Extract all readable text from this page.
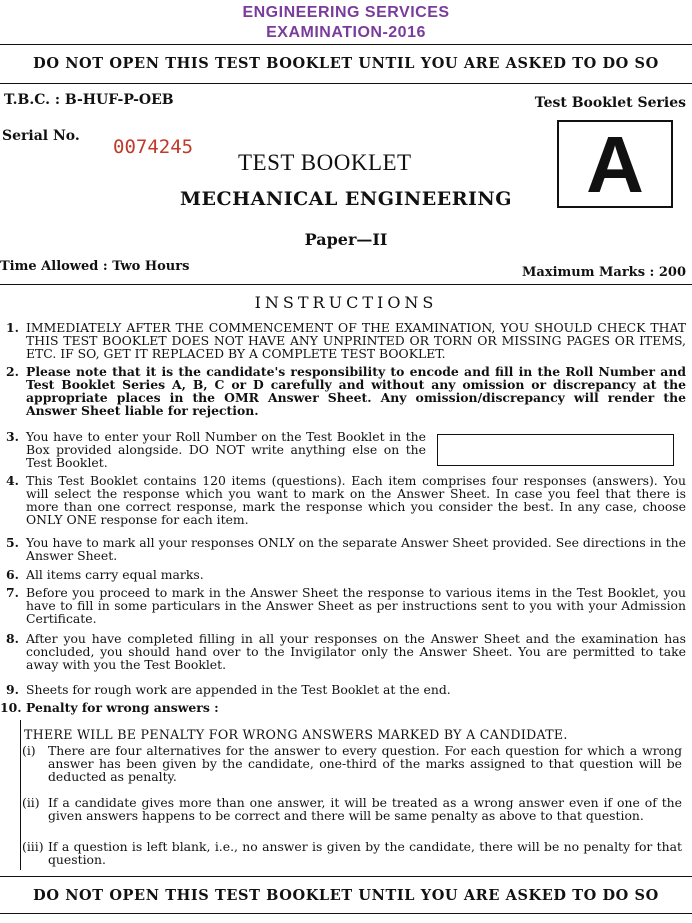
ENGINEERING SERVICES
EXAMINATION-2016
DO NOT OPEN THIS TEST BOOKLET UNTIL YOU ARE ASKED TO DO SO
T.B.C. : B-HUF-P-OEB	Test Booklet Series
Serial No. 0074245
TEST BOOKLET	A
MECHANICAL ENGINEERING
Paper—II
Time Allowed : Two Hours	Maximum Marks : 200
INSTRUCTIONS
1. IMMEDIATELY AFTER THE COMMENCEMENT OF THE EXAMINATION, YOU SHOULD CHECK THAT THIS TEST BOOKLET DOES NOT HAVE ANY UNPRINTED OR TORN OR MISSING PAGES OR ITEMS, ETC. IF SO, GET IT REPLACED BY A COMPLETE TEST BOOKLET.
2. Please note that it is the candidate's responsibility to encode and fill in the Roll Number and Test Booklet Series A, B, C or D carefully and without any omission or discrepancy at the appropriate places in the OMR Answer Sheet. Any omission/discrepancy will render the Answer Sheet liable for rejection.
3. You have to enter your Roll Number on the Test Booklet in the Box provided alongside. DO NOT write anything else on the Test Booklet.
4. This Test Booklet contains 120 items (questions). Each item comprises four responses (answers). You will select the response which you want to mark on the Answer Sheet. In case you feel that there is more than one correct response, mark the response which you consider the best. In any case, choose ONLY ONE response for each item.
5. You have to mark all your responses ONLY on the separate Answer Sheet provided. See directions in the Answer Sheet.
6. All items carry equal marks.
7. Before you proceed to mark in the Answer Sheet the response to various items in the Test Booklet, you have to fill in some particulars in the Answer Sheet as per instructions sent to you with your Admission Certificate.
8. After you have completed filling in all your responses on the Answer Sheet and the examination has concluded, you should hand over to the Invigilator only the Answer Sheet. You are permitted to take away with you the Test Booklet.
9. Sheets for rough work are appended in the Test Booklet at the end.
10. Penalty for wrong answers :
THERE WILL BE PENALTY FOR WRONG ANSWERS MARKED BY A CANDIDATE.
(i) There are four alternatives for the answer to every question. For each question for which a wrong answer has been given by the candidate, one-third of the marks assigned to that question will be deducted as penalty.
(ii) If a candidate gives more than one answer, it will be treated as a wrong answer even if one of the given answers happens to be correct and there will be same penalty as above to that question.
(iii) If a question is left blank, i.e., no answer is given by the candidate, there will be no penalty for that question.
DO NOT OPEN THIS TEST BOOKLET UNTIL YOU ARE ASKED TO DO SO
